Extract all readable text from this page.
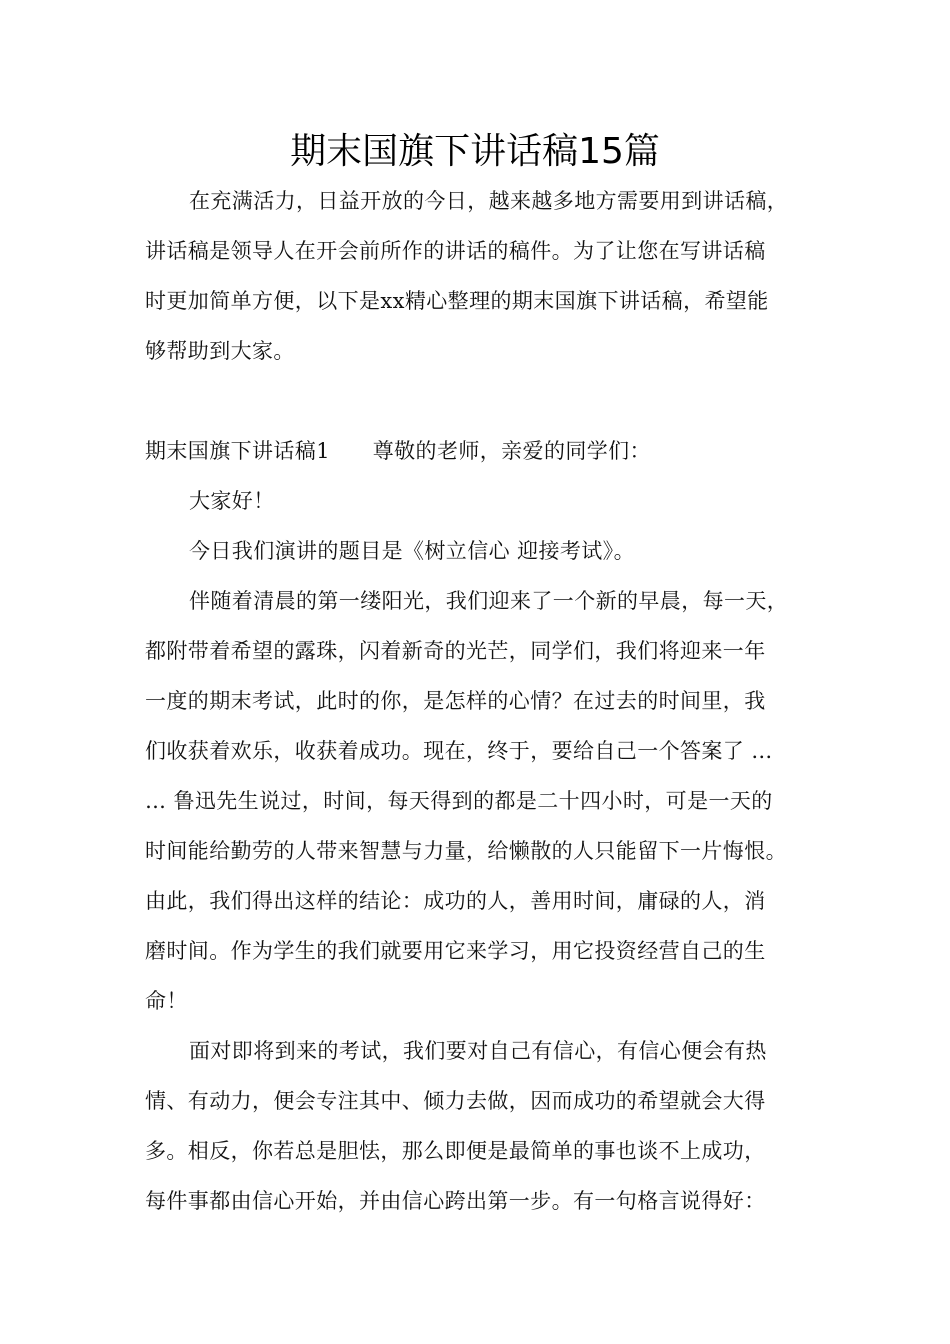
期末国旗下讲话稿15篇
在充满活力，日益开放的今日，越来越多地方需要用到讲话稿，
讲话稿是领导人在开会前所作的讲话的稿件。为了让您在写讲话稿
时更加简单方便，以下是xx精心整理的期末国旗下讲话稿，希望能
够帮助到大家。
期末国旗下讲话稿1　　尊敬的老师，亲爱的同学们：
大家好！
今日我们演讲的题目是《树立信心 迎接考试》。
伴随着清晨的第一缕阳光，我们迎来了一个新的早晨，每一天，
都附带着希望的露珠，闪着新奇的光芒，同学们，我们将迎来一年
一度的期末考试，此时的你，是怎样的心情？在过去的时间里，我
们收获着欢乐，收获着成功。现在，终于，要给自己一个答案了 …
… 鲁迅先生说过，时间，每天得到的都是二十四小时，可是一天的
时间能给勤劳的人带来智慧与力量，给懒散的人只能留下一片悔恨。
由此，我们得出这样的结论：成功的人，善用时间，庸碌的人，消
磨时间。作为学生的我们就要用它来学习，用它投资经营自己的生
命！
面对即将到来的考试，我们要对自己有信心，有信心便会有热
情、有动力，便会专注其中、倾力去做，因而成功的希望就会大得
多。相反，你若总是胆怯，那么即便是最简单的事也谈不上成功，
每件事都由信心开始，并由信心跨出第一步。有一句格言说得好：
